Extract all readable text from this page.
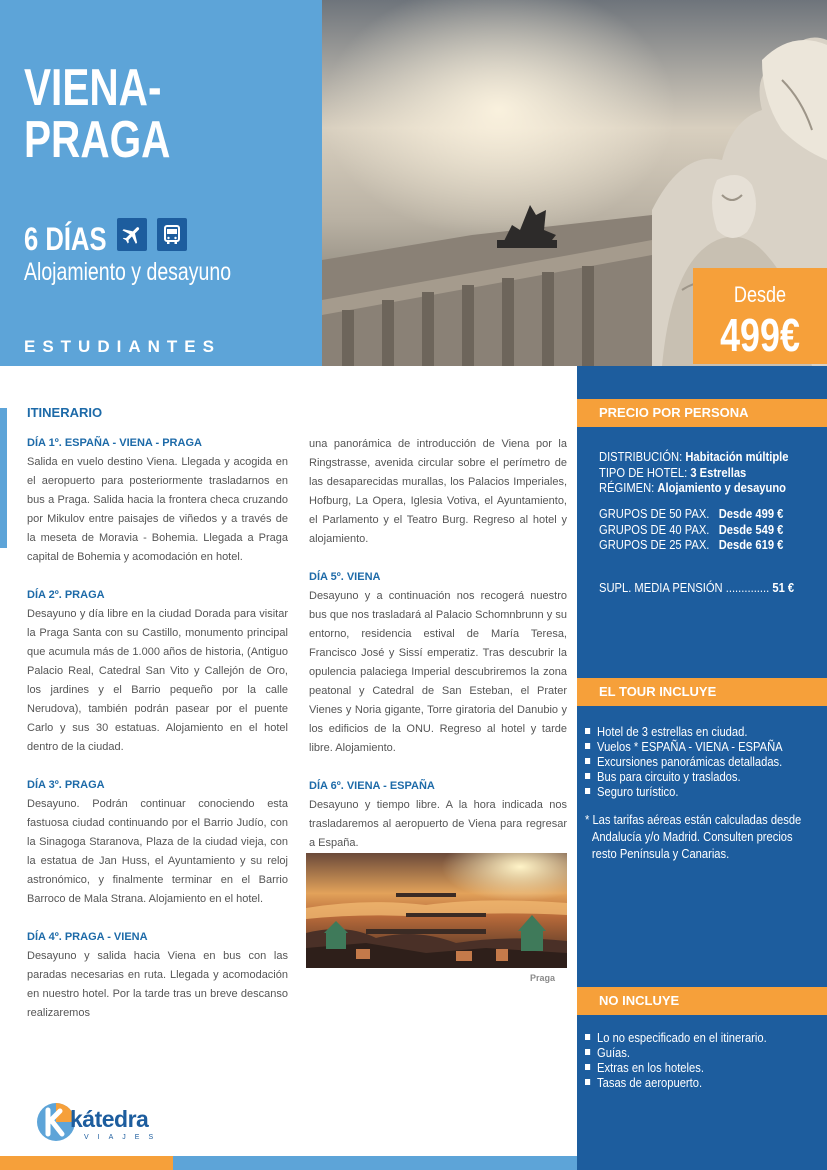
VIENA-
PRAGA
6 DÍAS
Alojamiento y desayuno
ESTUDIANTES
Desde
499€
ITINERARIO
DÍA 1º. ESPAÑA - VIENA - PRAGA
Salida en vuelo destino Viena. Llegada y acogida en el aeropuerto para posteriormente trasladarnos en bus a Praga. Salida hacia la frontera checa cruzando por Mikulov entre paisajes de viñedos y a través de la meseta de Moravia - Bohemia. Llegada a Praga capital de Bohemia y acomodación en hotel.
DÍA 2º. PRAGA
Desayuno y día libre en la ciudad Dorada para visitar la Praga Santa con su Castillo, monumento principal que acumula más de 1.000 años de historia, (Antiguo Palacio Real, Catedral San Vito y Callejón de Oro, los jardines y el Barrio pequeño por la calle Nerudova), también podrán pasear por el puente Carlo y sus 30 estatuas. Alojamiento en el hotel dentro de la ciudad.
DÍA 3º. PRAGA
Desayuno. Podrán continuar conociendo esta fastuosa ciudad continuando por el Barrio Judío, con la Sinagoga Staranova, Plaza de la ciudad vieja, con la estatua de Jan Huss, el Ayuntamiento y su reloj astronómico, y finalmente terminar en el Barrio Barroco de Mala Strana. Alojamiento en el hotel.
DÍA 4º. PRAGA - VIENA
Desayuno y salida hacia Viena en bus con las paradas necesarias en ruta. Llegada y acomodación en nuestro hotel. Por la tarde tras un breve descanso realizaremos
una panorámica de introducción de Viena por la Ringstrasse, avenida circular sobre el perímetro de las desaparecidas murallas, los Palacios Imperiales, Hofburg, La Opera, Iglesia Votiva, el Ayuntamiento, el Parlamento y el Teatro Burg. Regreso al hotel y alojamiento.
DÍA 5º. VIENA
Desayuno y a continuación nos recogerá nuestro bus que nos trasladará al Palacio Schomnbrunn y su entorno, residencia estival de María Teresa, Francisco José y Sissí emperatiz. Tras descubrir la opulencia palaciega Imperial descubriremos la zona peatonal y Catedral de San Esteban, el Prater Vienes y Noria gigante, Torre giratoria del Danubio y los edificios de la ONU. Regreso al hotel y tarde libre. Alojamiento.
DÍA 6º. VIENA - ESPAÑA
Desayuno y tiempo libre. A la hora indicada nos trasladaremos al aeropuerto de Viena para regresar a España.
Praga
PRECIO POR PERSONA
DISTRIBUCIÓN: Habitación múltiple
TIPO DE HOTEL: 3 Estrellas
RÉGIMEN: Alojamiento y desayuno
GRUPOS DE 50 PAX. Desde 499 €
GRUPOS DE 40 PAX. Desde 549 €
GRUPOS DE 25 PAX. Desde 619 €
SUPL. MEDIA PENSIÓN .............. 51 €
EL TOUR INCLUYE
Hotel de 3 estrellas en ciudad.
Vuelos * ESPAÑA - VIENA - ESPAÑA
Excursiones panorámicas detalladas.
Bus para circuito y traslados.
Seguro turístico.
* Las tarifas aéreas están calculadas desde
Andalucía y/o Madrid. Consulten precios
resto Península y Canarias.
NO INCLUYE
Lo no especificado en el itinerario.
Guías.
Extras en los hoteles.
Tasas de aeropuerto.
kátedra
VIAJES
